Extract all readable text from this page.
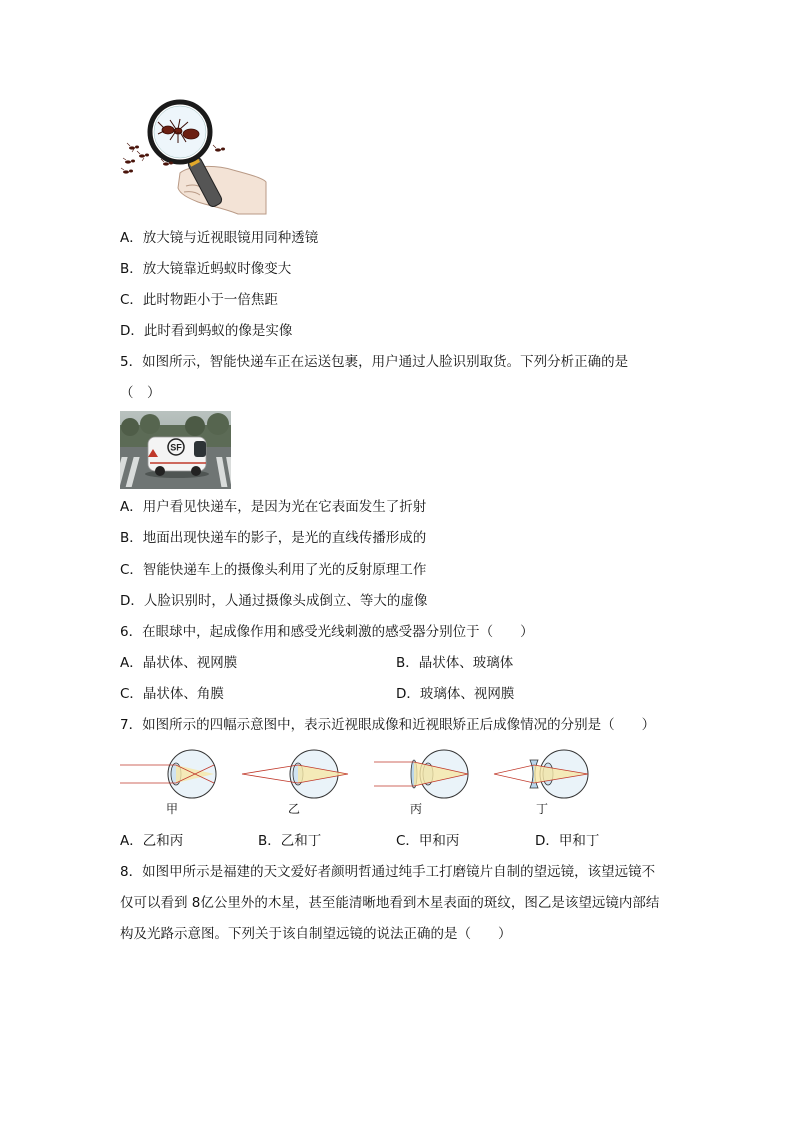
A．放大镜与近视眼镜用同种透镜
B．放大镜靠近蚂蚁时像变大
C．此时物距小于一倍焦距
D．此时看到蚂蚁的像是实像
5．如图所示，智能快递车正在运送包裹，用户通过人脸识别取货。下列分析正确的是
（　）
SF
A．用户看见快递车，是因为光在它表面发生了折射
B．地面出现快递车的影子，是光的直线传播形成的
C．智能快递车上的摄像头利用了光的反射原理工作
D．人脸识别时，人通过摄像头成倒立、等大的虚像
6．在眼球中，起成像作用和感受光线刺激的感受器分别位于（　　）
A．晶状体、视网膜	B．晶状体、玻璃体
C．晶状体、角膜	D．玻璃体、视网膜
7．如图所示的四幅示意图中，表示近视眼成像和近视眼矫正后成像情况的分别是（　　）
甲	乙	丙	丁
A．乙和丙	B．乙和丁	C．甲和丙	D．甲和丁
8．如图甲所示是福建的天文爱好者颜明哲通过纯手工打磨镜片自制的望远镜，该望远镜不
仅可以看到 8亿公里外的木星，甚至能清晰地看到木星表面的斑纹，图乙是该望远镜内部结
构及光路示意图。下列关于该自制望远镜的说法正确的是（　　）
